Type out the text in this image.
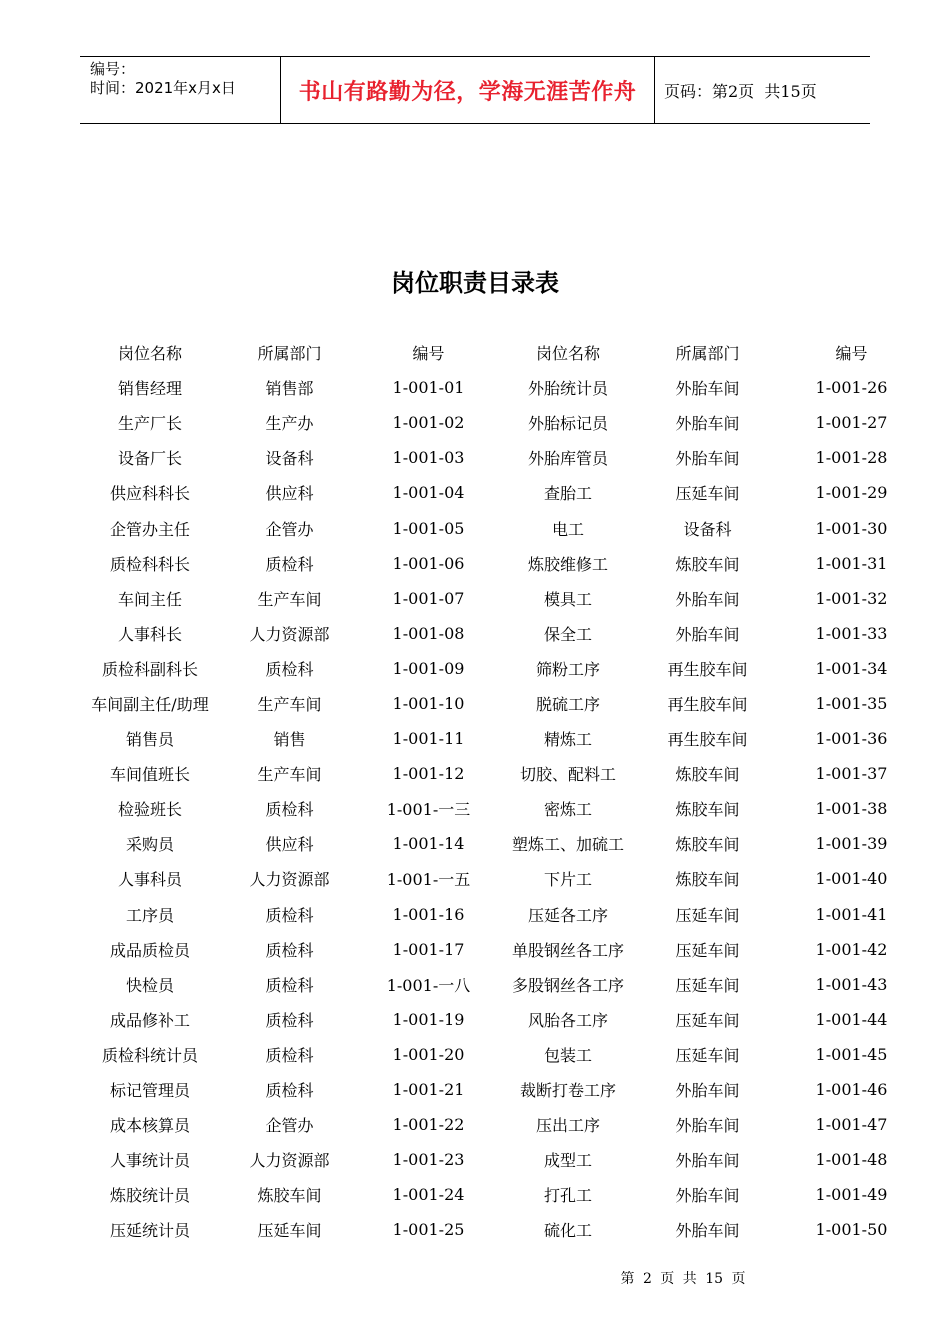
编号：
时间：2021年x月x日	书山有路勤为径，学海无涯苦作舟	页码：第2页  共15页
岗位职责目录表
岗位名称	所属部门	编号	岗位名称	所属部门	编号
销售经理	销售部	1-001-01	外胎统计员	外胎车间	1-001-26
生产厂长	生产办	1-001-02	外胎标记员	外胎车间	1-001-27
设备厂长	设备科	1-001-03	外胎库管员	外胎车间	1-001-28
供应科科长	供应科	1-001-04	查胎工	压延车间	1-001-29
企管办主任	企管办	1-001-05	电工	设备科	1-001-30
质检科科长	质检科	1-001-06	炼胶维修工	炼胶车间	1-001-31
车间主任	生产车间	1-001-07	模具工	外胎车间	1-001-32
人事科长	人力资源部	1-001-08	保全工	外胎车间	1-001-33
质检科副科长	质检科	1-001-09	筛粉工序	再生胶车间	1-001-34
车间副主任/助理	生产车间	1-001-10	脱硫工序	再生胶车间	1-001-35
销售员	销售	1-001-11	精炼工	再生胶车间	1-001-36
车间值班长	生产车间	1-001-12	切胶、配料工	炼胶车间	1-001-37
检验班长	质检科	1-001-一三	密炼工	炼胶车间	1-001-38
采购员	供应科	1-001-14	塑炼工、加硫工	炼胶车间	1-001-39
人事科员	人力资源部	1-001-一五	下片工	炼胶车间	1-001-40
工序员	质检科	1-001-16	压延各工序	压延车间	1-001-41
成品质检员	质检科	1-001-17	单股钢丝各工序	压延车间	1-001-42
快检员	质检科	1-001-一八	多股钢丝各工序	压延车间	1-001-43
成品修补工	质检科	1-001-19	风胎各工序	压延车间	1-001-44
质检科统计员	质检科	1-001-20	包装工	压延车间	1-001-45
标记管理员	质检科	1-001-21	裁断打卷工序	外胎车间	1-001-46
成本核算员	企管办	1-001-22	压出工序	外胎车间	1-001-47
人事统计员	人力资源部	1-001-23	成型工	外胎车间	1-001-48
炼胶统计员	炼胶车间	1-001-24	打孔工	外胎车间	1-001-49
压延统计员	压延车间	1-001-25	硫化工	外胎车间	1-001-50
第 2 页 共 15 页
